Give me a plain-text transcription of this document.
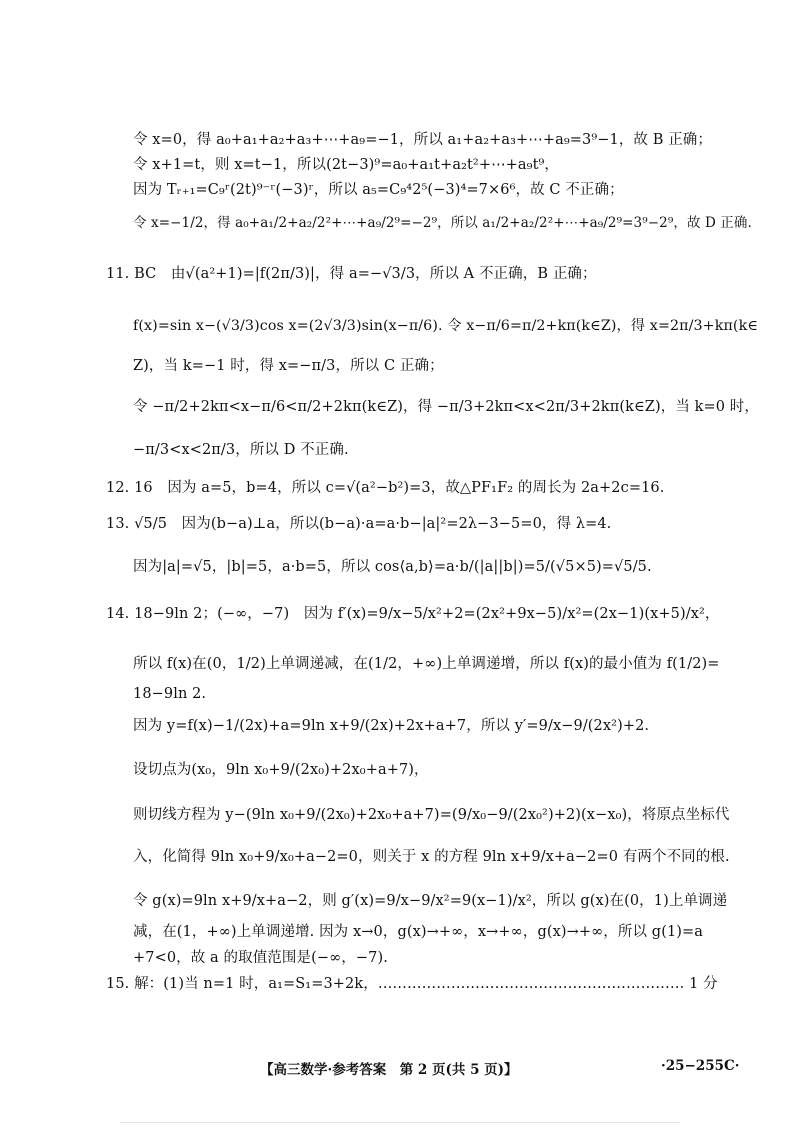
令 x=0，得 a₀+a₁+a₂+a₃+⋯+a₉=−1，所以 a₁+a₂+a₃+⋯+a₉=3⁹−1，故 B 正确；
令 x+1=t，则 x=t−1，所以(2t−3)⁹=a₀+a₁t+a₂t²+⋯+a₉t⁹，
因为 Tᵣ₊₁=C₉ʳ(2t)⁹⁻ʳ(−3)ʳ，所以 a₅=C₉⁴2⁵(−3)⁴=7×6⁶，故 C 不正确；
令 x=−1/2，得 a₀+a₁/2+a₂/2²+⋯+a₉/2⁹=−2⁹，所以 a₁/2+a₂/2²+⋯+a₉/2⁹=3⁹−2⁹，故 D 正确.
11. BC　由√(a²+1)=|f(2π/3)|，得 a=−√3/3，所以 A 不正确，B 正确；
f(x)=sin x−(√3/3)cos x=(2√3/3)sin(x−π/6). 令 x−π/6=π/2+kπ(k∈Z)，得 x=2π/3+kπ(k∈
Z)，当 k=−1 时，得 x=−π/3，所以 C 正确；
令 −π/2+2kπ<x−π/6<π/2+2kπ(k∈Z)，得 −π/3+2kπ<x<2π/3+2kπ(k∈Z)，当 k=0 时，
−π/3<x<2π/3，所以 D 不正确.
12. 16　因为 a=5，b=4，所以 c=√(a²−b²)=3，故△PF₁F₂ 的周长为 2a+2c=16.
13. √5/5　因为(b−a)⊥a，所以(b−a)·a=a·b−|a|²=2λ−3−5=0，得 λ=4.
因为|a|=√5，|b|=5，a·b=5，所以 cos⟨a,b⟩=a·b/(|a||b|)=5/(√5×5)=√5/5.
14. 18−9ln 2；(−∞，−7)　因为 f′(x)=9/x−5/x²+2=(2x²+9x−5)/x²=(2x−1)(x+5)/x²，
所以 f(x)在(0，1/2)上单调递减，在(1/2，+∞)上单调递增，所以 f(x)的最小值为 f(1/2)=
18−9ln 2.
因为 y=f(x)−1/(2x)+a=9ln x+9/(2x)+2x+a+7，所以 y′=9/x−9/(2x²)+2.
设切点为(x₀，9ln x₀+9/(2x₀)+2x₀+a+7)，
则切线方程为 y−(9ln x₀+9/(2x₀)+2x₀+a+7)=(9/x₀−9/(2x₀²)+2)(x−x₀)，将原点坐标代
入，化简得 9ln x₀+9/x₀+a−2=0，则关于 x 的方程 9ln x+9/x+a−2=0 有两个不同的根.
令 g(x)=9ln x+9/x+a−2，则 g′(x)=9/x−9/x²=9(x−1)/x²，所以 g(x)在(0，1)上单调递
减，在(1，+∞)上单调递增. 因为 x→0，g(x)→+∞，x→+∞，g(x)→+∞，所以 g(1)=a
+7<0，故 a 的取值范围是(−∞，−7).
15. 解：(1)当 n=1 时，a₁=S₁=3+2k，……………………………………………………… 1 分
【高三数学·参考答案　第 2 页(共 5 页)】	·25−255C·
